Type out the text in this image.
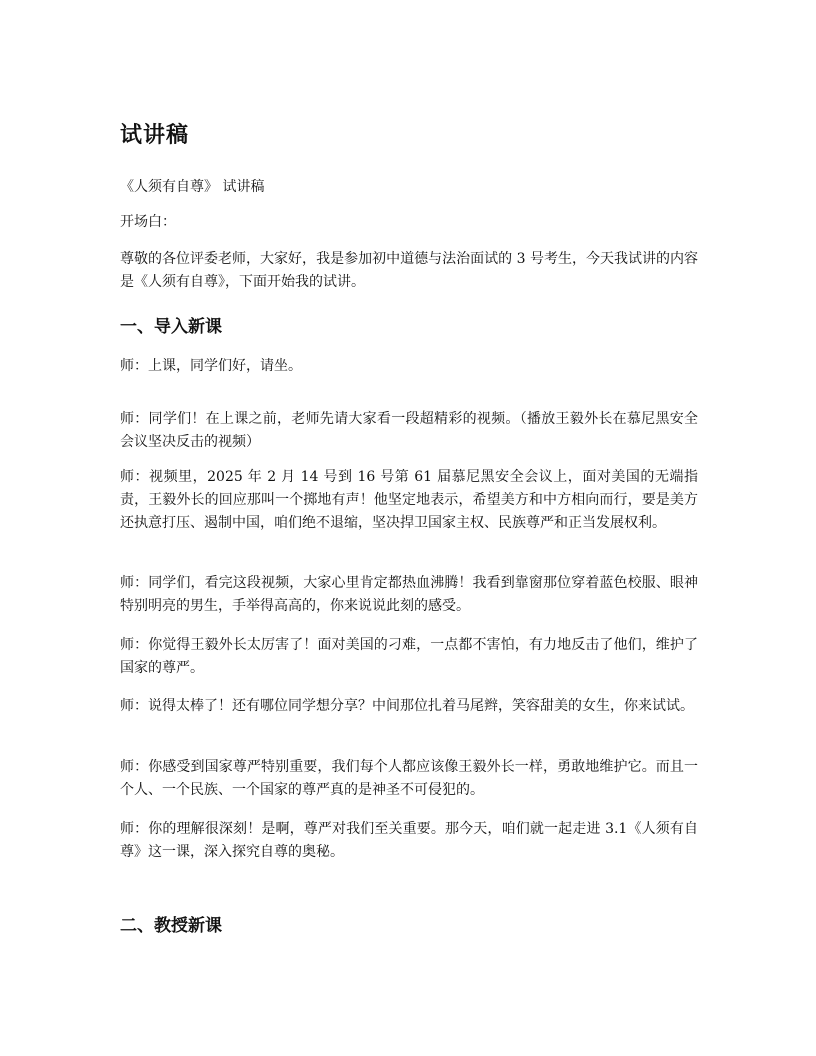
试讲稿

《人须有自尊》 试讲稿

开场白：

尊敬的各位评委老师，大家好，我是参加初中道德与法治面试的 3 号考生，今天我试讲的内容是《人须有自尊》，下面开始我的试讲。

一、导入新课

师：上课，同学们好，请坐。

师：同学们！在上课之前，老师先请大家看一段超精彩的视频。（播放王毅外长在慕尼黑安全会议坚决反击的视频）

师：视频里，2025 年 2 月 14 号到 16 号第 61 届慕尼黑安全会议上，面对美国的无端指责，王毅外长的回应那叫一个掷地有声！他坚定地表示，希望美方和中方相向而行，要是美方还执意打压、遏制中国，咱们绝不退缩，坚决捍卫国家主权、民族尊严和正当发展权利。

师：同学们，看完这段视频，大家心里肯定都热血沸腾！我看到靠窗那位穿着蓝色校服、眼神特别明亮的男生，手举得高高的，你来说说此刻的感受。

师：你觉得王毅外长太厉害了！面对美国的刁难，一点都不害怕，有力地反击了他们，维护了国家的尊严。

师：说得太棒了！还有哪位同学想分享？中间那位扎着马尾辫，笑容甜美的女生，你来试试。

师：你感受到国家尊严特别重要，我们每个人都应该像王毅外长一样，勇敢地维护它。而且一个人、一个民族、一个国家的尊严真的是神圣不可侵犯的。

师：你的理解很深刻！是啊，尊严对我们至关重要。那今天，咱们就一起走进 3.1《人须有自尊》这一课，深入探究自尊的奥秘。

二、教授新课
